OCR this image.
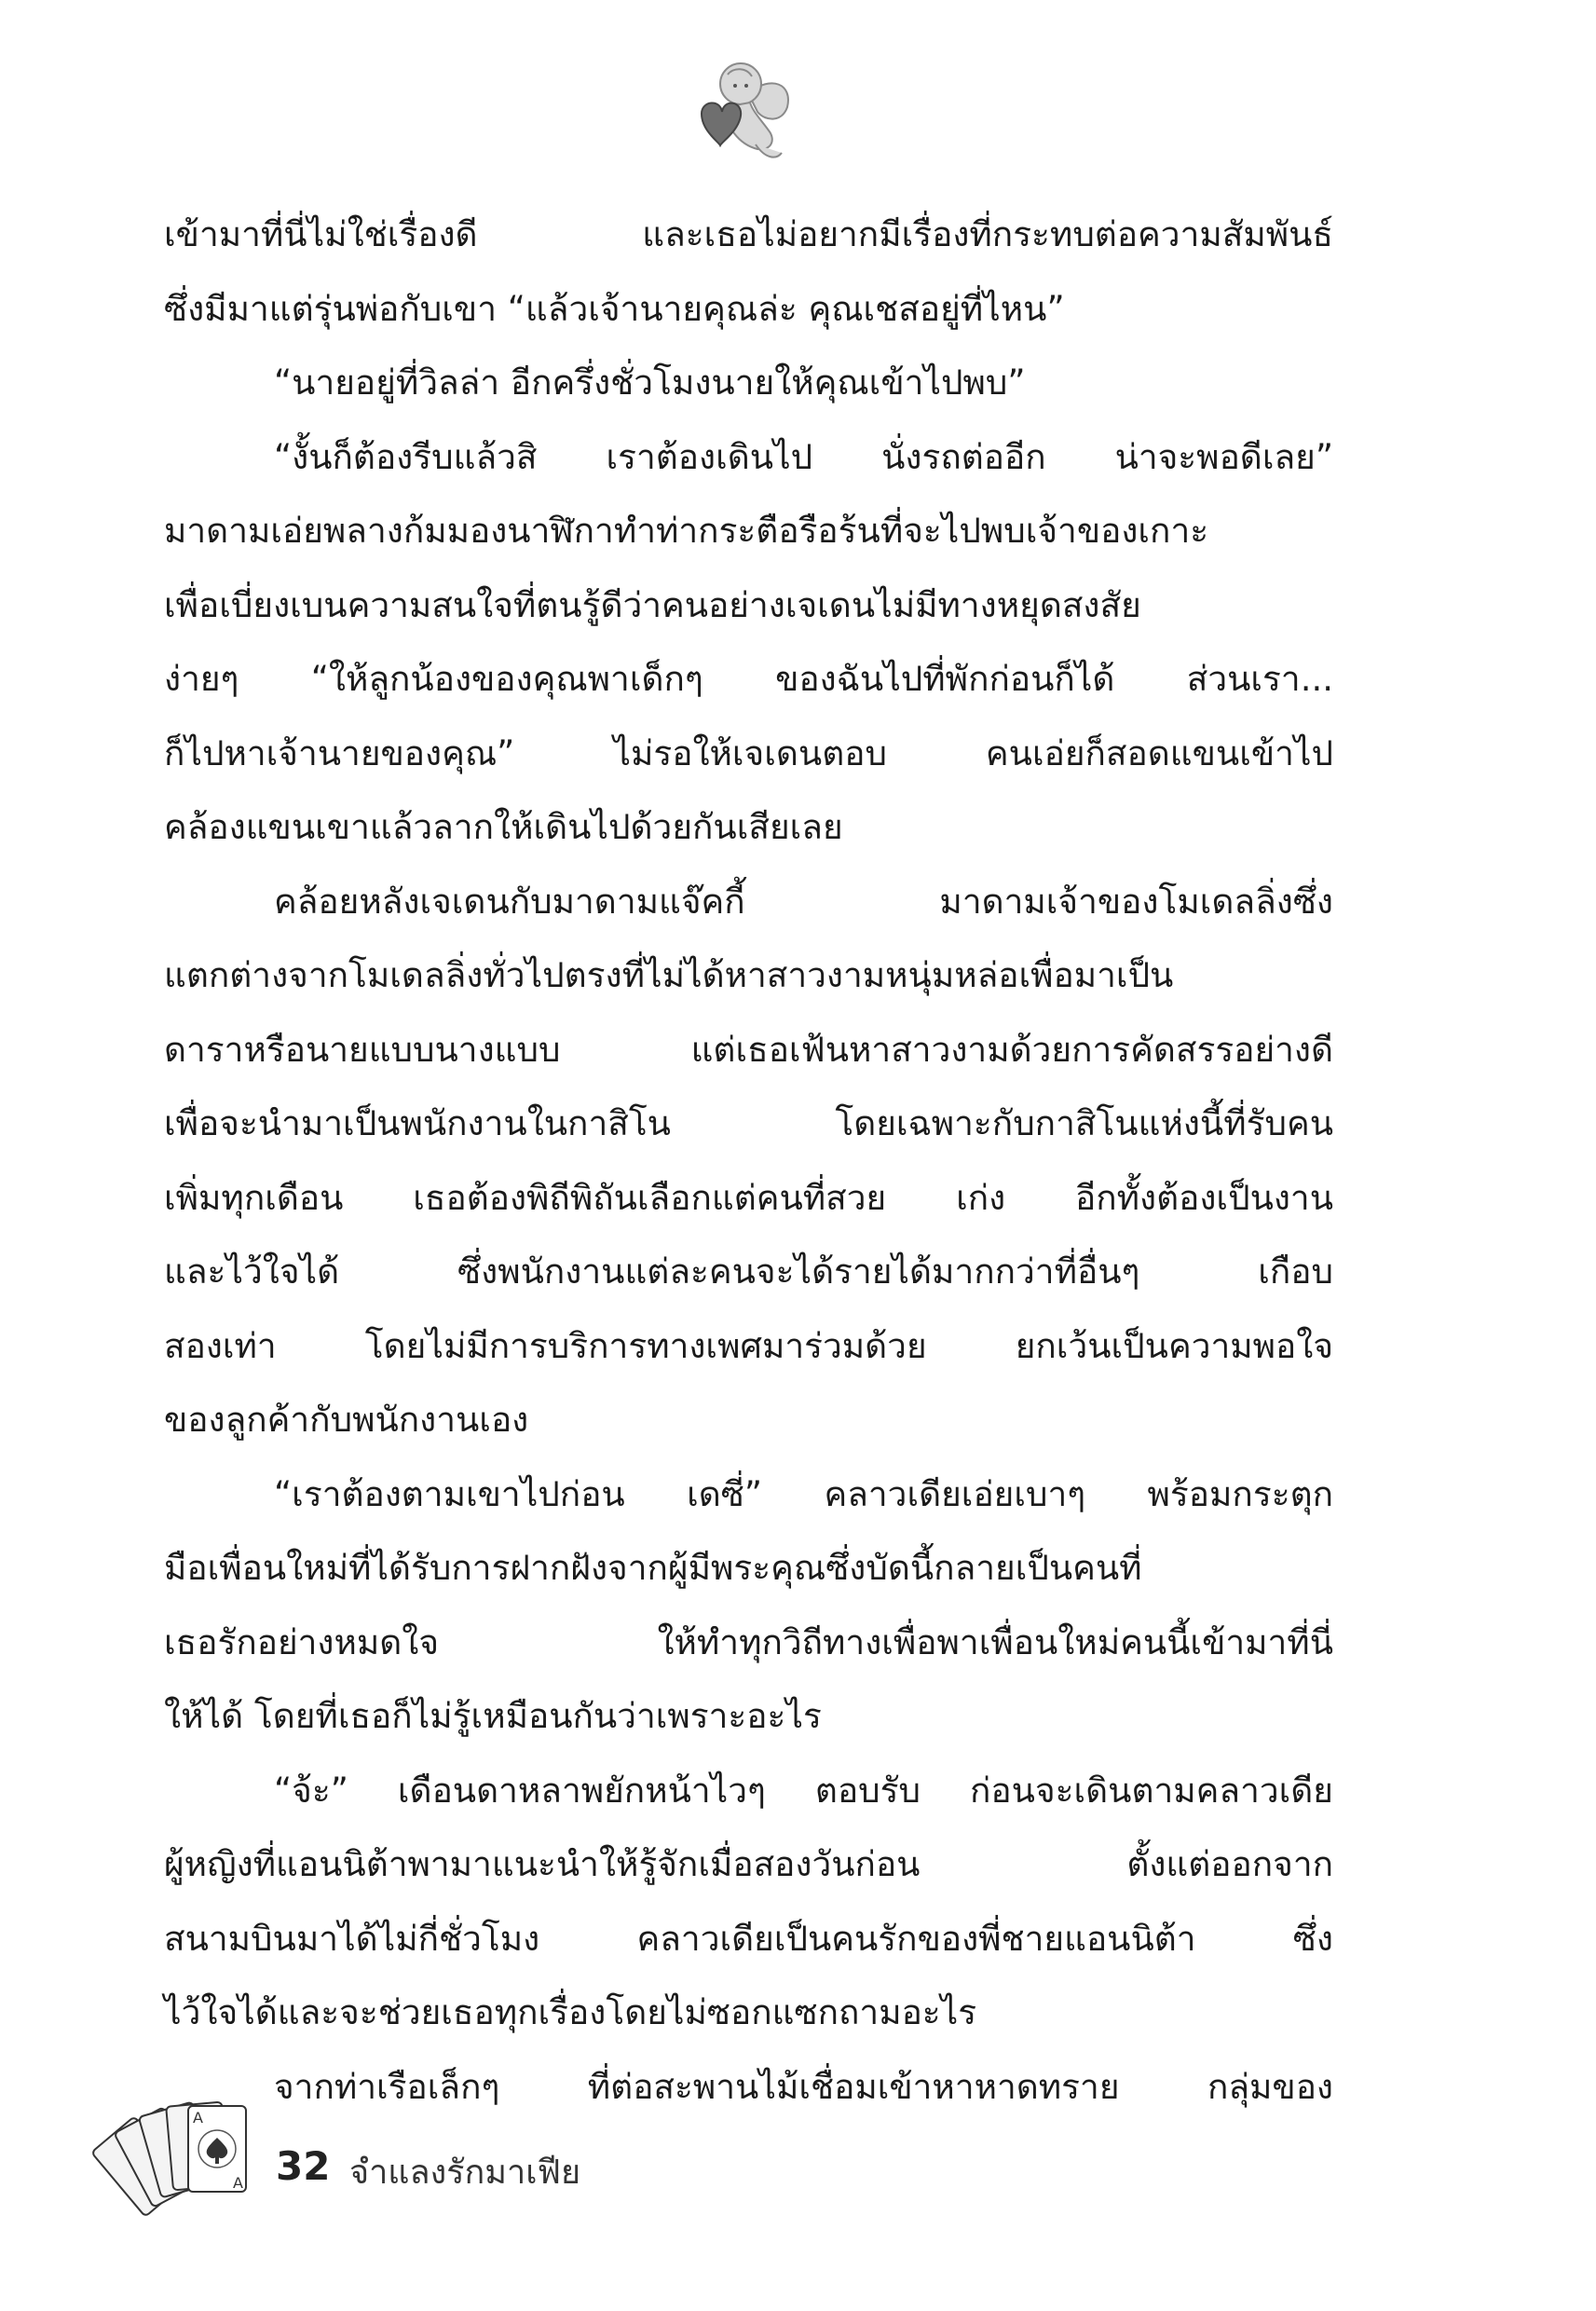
เข้ามาที่นี่ไม่ใช่เรื่องดี และเธอไม่อยากมีเรื่องที่กระทบต่อความสัมพันธ์
ซึ่งมีมาแต่รุ่นพ่อกับเขา “แล้วเจ้านายคุณล่ะ คุณเชสอยู่ที่ไหน”
“นายอยู่ที่วิลล่า อีกครึ่งชั่วโมงนายให้คุณเข้าไปพบ”
“งั้นก็ต้องรีบแล้วสิ เราต้องเดินไป นั่งรถต่ออีก น่าจะพอดีเลย”
มาดามเอ่ยพลางก้มมองนาฬิกาทำท่ากระตือรือร้นที่จะไปพบเจ้าของเกาะ
เพื่อเบี่ยงเบนความสนใจที่ตนรู้ดีว่าคนอย่างเจเดนไม่มีทางหยุดสงสัย
ง่ายๆ “ให้ลูกน้องของคุณพาเด็กๆ ของฉันไปที่พักก่อนก็ได้ ส่วนเรา...
ก็ไปหาเจ้านายของคุณ” ไม่รอให้เจเดนตอบ คนเอ่ยก็สอดแขนเข้าไป
คล้องแขนเขาแล้วลากให้เดินไปด้วยกันเสียเลย
คล้อยหลังเจเดนกับมาดามแจ๊คกี้ มาดามเจ้าของโมเดลลิ่งซึ่ง
แตกต่างจากโมเดลลิ่งทั่วไปตรงที่ไม่ได้หาสาวงามหนุ่มหล่อเพื่อมาเป็น
ดาราหรือนายแบบนางแบบ แต่เธอเฟ้นหาสาวงามด้วยการคัดสรรอย่างดี
เพื่อจะนำมาเป็นพนักงานในกาสิโน โดยเฉพาะกับกาสิโนแห่งนี้ที่รับคน
เพิ่มทุกเดือน เธอต้องพิถีพิถันเลือกแต่คนที่สวย เก่ง อีกทั้งต้องเป็นงาน
และไว้ใจได้ ซึ่งพนักงานแต่ละคนจะได้รายได้มากกว่าที่อื่นๆ เกือบ
สองเท่า โดยไม่มีการบริการทางเพศมาร่วมด้วย ยกเว้นเป็นความพอใจ
ของลูกค้ากับพนักงานเอง
“เราต้องตามเขาไปก่อน เดซี่” คลาวเดียเอ่ยเบาๆ พร้อมกระตุก
มือเพื่อนใหม่ที่ได้รับการฝากฝังจากผู้มีพระคุณซึ่งบัดนี้กลายเป็นคนที่
เธอรักอย่างหมดใจ ให้ทำทุกวิถีทางเพื่อพาเพื่อนใหม่คนนี้เข้ามาที่นี่
ให้ได้ โดยที่เธอก็ไม่รู้เหมือนกันว่าเพราะอะไร
“จ้ะ” เดือนดาหลาพยักหน้าไวๆ ตอบรับ ก่อนจะเดินตามคลาวเดีย
ผู้หญิงที่แอนนิต้าพามาแนะนำให้รู้จักเมื่อสองวันก่อน ตั้งแต่ออกจาก
สนามบินมาได้ไม่กี่ชั่วโมง คลาวเดียเป็นคนรักของพี่ชายแอนนิต้า ซึ่ง
ไว้ใจได้และจะช่วยเธอทุกเรื่องโดยไม่ซอกแซกถามอะไร
จากท่าเรือเล็กๆ ที่ต่อสะพานไม้เชื่อมเข้าหาหาดทราย กลุ่มของ
A
A 32 จำแลงรักมาเฟีย
